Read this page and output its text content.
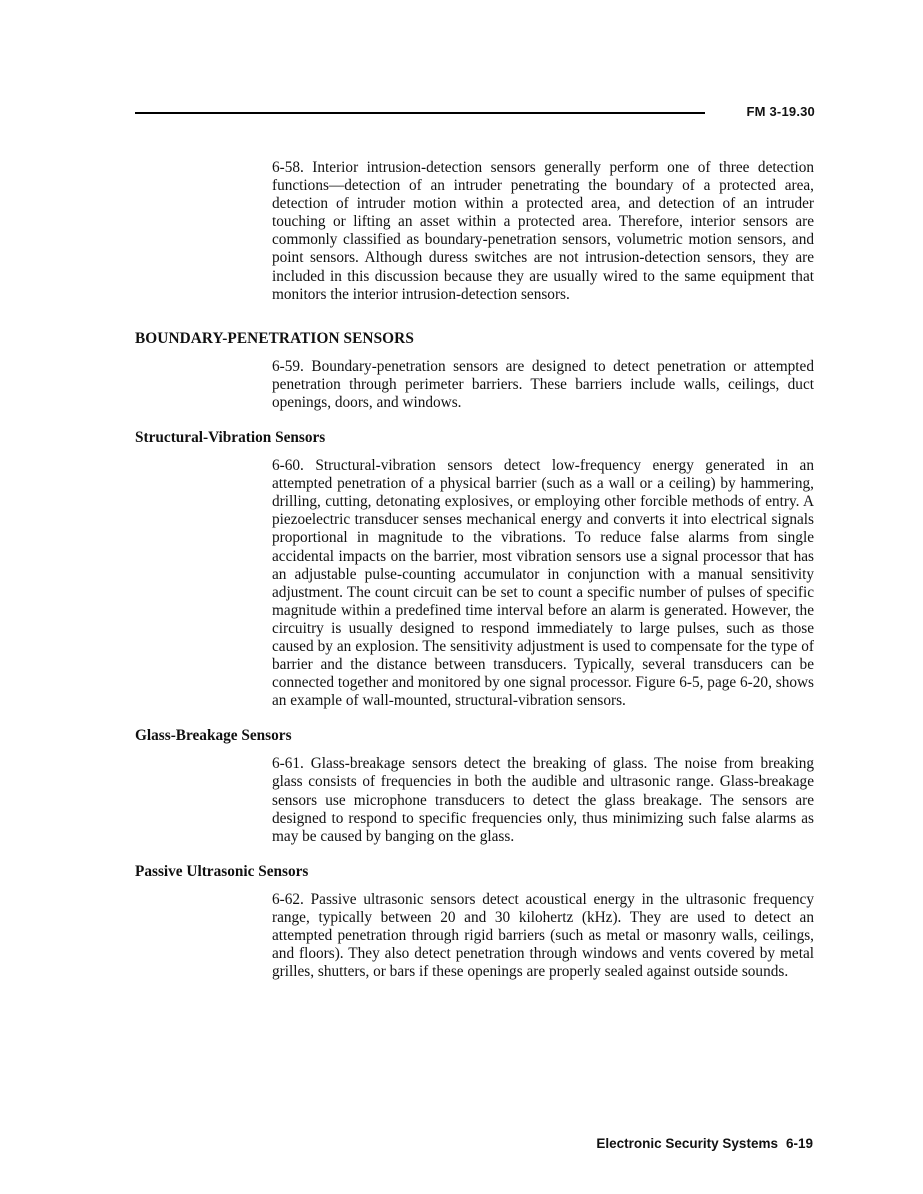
FM 3-19.30

6-58. Interior intrusion-detection sensors generally perform one of three detection functions—detection of an intruder penetrating the boundary of a protected area, detection of intruder motion within a protected area, and detection of an intruder touching or lifting an asset within a protected area. Therefore, interior sensors are commonly classified as boundary-penetration sensors, volumetric motion sensors, and point sensors. Although duress switches are not intrusion-detection sensors, they are included in this discussion because they are usually wired to the same equipment that monitors the interior intrusion-detection sensors.

BOUNDARY-PENETRATION SENSORS

6-59. Boundary-penetration sensors are designed to detect penetration or attempted penetration through perimeter barriers. These barriers include walls, ceilings, duct openings, doors, and windows.

Structural-Vibration Sensors

6-60. Structural-vibration sensors detect low-frequency energy generated in an attempted penetration of a physical barrier (such as a wall or a ceiling) by hammering, drilling, cutting, detonating explosives, or employing other forcible methods of entry. A piezoelectric transducer senses mechanical energy and converts it into electrical signals proportional in magnitude to the vibrations. To reduce false alarms from single accidental impacts on the barrier, most vibration sensors use a signal processor that has an adjustable pulse-counting accumulator in conjunction with a manual sensitivity adjustment. The count circuit can be set to count a specific number of pulses of specific magnitude within a predefined time interval before an alarm is generated. However, the circuitry is usually designed to respond immediately to large pulses, such as those caused by an explosion. The sensitivity adjustment is used to compensate for the type of barrier and the distance between transducers. Typically, several transducers can be connected together and monitored by one signal processor. Figure 6-5, page 6-20, shows an example of wall-mounted, structural-vibration sensors.

Glass-Breakage Sensors

6-61. Glass-breakage sensors detect the breaking of glass. The noise from breaking glass consists of frequencies in both the audible and ultrasonic range. Glass-breakage sensors use microphone transducers to detect the glass breakage. The sensors are designed to respond to specific frequencies only, thus minimizing such false alarms as may be caused by banging on the glass.

Passive Ultrasonic Sensors

6-62. Passive ultrasonic sensors detect acoustical energy in the ultrasonic frequency range, typically between 20 and 30 kilohertz (kHz). They are used to detect an attempted penetration through rigid barriers (such as metal or masonry walls, ceilings, and floors). They also detect penetration through windows and vents covered by metal grilles, shutters, or bars if these openings are properly sealed against outside sounds.

Electronic Security Systems 6-19
